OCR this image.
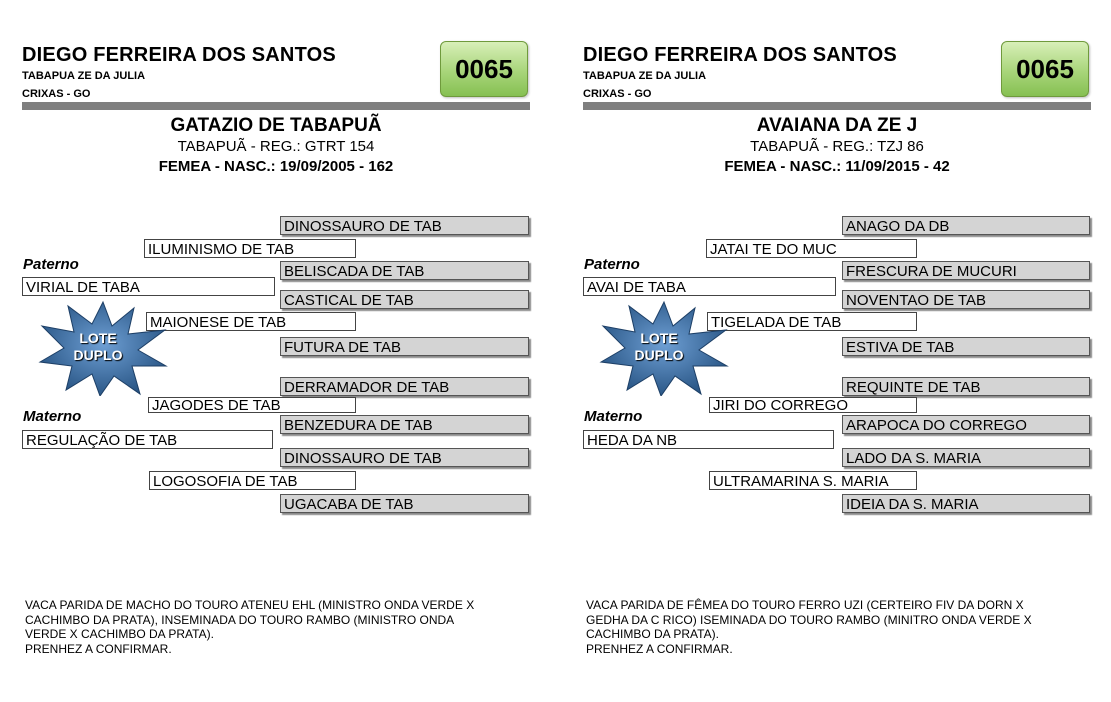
DIEGO FERREIRA DOS SANTOS
TABAPUA ZE DA JULIA
CRIXAS - GO
0065
GATAZIO DE TABAPUÃ
TABAPUÃ - REG.: GTRT 154
FEMEA - NASC.: 19/09/2005 - 162
DINOSSAURO DE TAB
ILUMINISMO DE TAB
Paterno	BELISCADA DE TAB
VIRIAL DE TABA
CASTICAL DE TAB
MAIONESE DE TAB
FUTURA DE TAB
LOTE
DUPLO
DERRAMADOR DE TAB
JAGODES DE TAB
Materno
BENZEDURA DE TAB
REGULAÇÃO DE TAB
DINOSSAURO DE TAB
LOGOSOFIA DE TAB
UGACABA DE TAB
VACA PARIDA DE MACHO DO TOURO ATENEU EHL (MINISTRO ONDA VERDE X
CACHIMBO DA PRATA), INSEMINADA DO TOURO RAMBO (MINISTRO ONDA
VERDE X CACHIMBO DA PRATA).
PRENHEZ A CONFIRMAR.
DIEGO FERREIRA DOS SANTOS
TABAPUA ZE DA JULIA
CRIXAS - GO
0065
AVAIANA DA ZE J
TABAPUÃ - REG.: TZJ 86
FEMEA - NASC.: 11/09/2015 - 42
ANAGO DA DB
JATAI TE DO MUC
Paterno	FRESCURA DE MUCURI
AVAI DE TABA
NOVENTAO DE TAB
TIGELADA DE TAB
ESTIVA DE TAB
LOTE
DUPLO
REQUINTE DE TAB
JIRI DO CORREGO
Materno
ARAPOCA DO CORREGO
HEDA DA NB
LADO DA S. MARIA
ULTRAMARINA S. MARIA
IDEIA DA S. MARIA
VACA PARIDA DE FÊMEA DO TOURO FERRO UZI (CERTEIRO FIV DA DORN X
GEDHA DA C RICO) ISEMINADA DO TOURO RAMBO (MINITRO ONDA VERDE X
CACHIMBO DA PRATA).
PRENHEZ A CONFIRMAR.
